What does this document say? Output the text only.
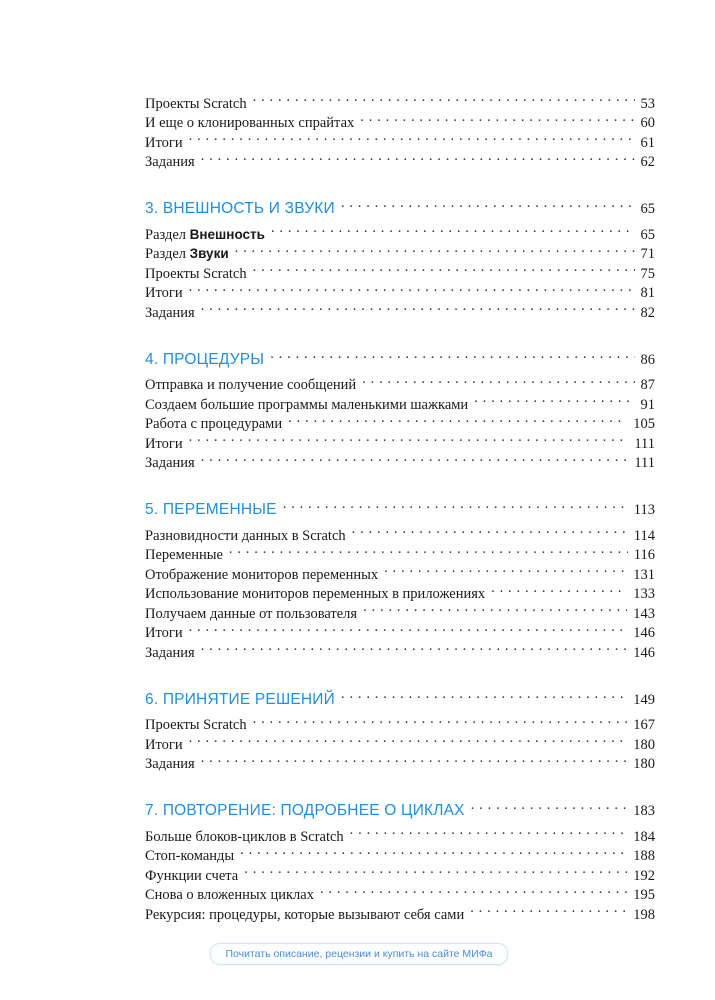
Проекты Scratch . . .	53
И еще о клонированных спрайтах . . .	60
Итоги . . .	61
Задания . . .	62
3. ВНЕШНОСТЬ И ЗВУКИ . . .	65
Раздел Внешность . . .	65
Раздел Звуки . . .	71
Проекты Scratch . . .	75
Итоги . . .	81
Задания . . .	82
4. ПРОЦЕДУРЫ . . .	86
Отправка и получение сообщений . . .	87
Создаем большие программы маленькими шажками . . .	91
Работа с процедурами . . .	105
Итоги . . .	111
Задания . . .	111
5. ПЕРЕМЕННЫЕ . . .	113
Разновидности данных в Scratch . . .	114
Переменные . . .	116
Отображение мониторов переменных . . .	131
Использование мониторов переменных в приложениях . . .	133
Получаем данные от пользователя . . .	143
Итоги . . .	146
Задания . . .	146
6. ПРИНЯТИЕ РЕШЕНИЙ . . .	149
Проекты Scratch . . .	167
Итоги . . .	180
Задания . . .	180
7. ПОВТОРЕНИЕ: ПОДРОБНЕЕ О ЦИКЛАХ . . .	183
Больше блоков-циклов в Scratch . . .	184
Стоп-команды . . .	188
Функции счета . . .	192
Снова о вложенных циклах . . .	195
Рекурсия: процедуры, которые вызывают себя сами . . .	198
Почитать описание, рецензии и купить на сайте МИФа
